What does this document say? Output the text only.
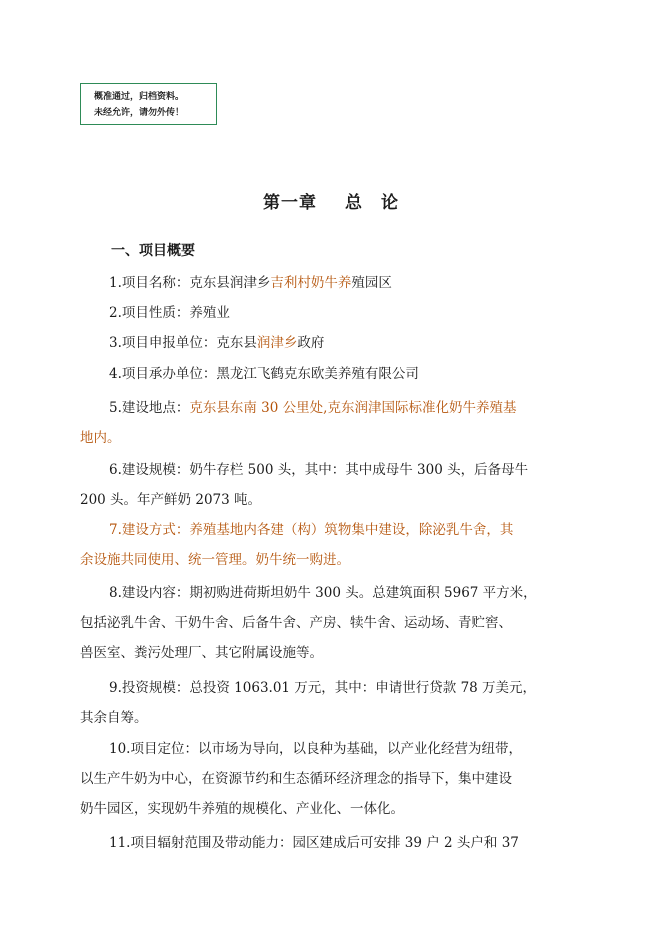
概准通过，归档资料。
未经允许，请勿外传！
第一章 总　论
一、项目概要
1.项目名称：克东县润津乡吉利村奶牛养殖园区
2.项目性质：养殖业
3.项目申报单位：克东县润津乡政府
4.项目承办单位：黑龙江飞鹤克东欧美养殖有限公司
5.建设地点：克东县东南 30 公里处,克东润津国际标准化奶牛养殖基
地内。
6.建设规模：奶牛存栏 500 头，其中：其中成母牛 300 头，后备母牛
200 头。年产鲜奶 2073 吨。
7.建设方式：养殖基地内各建（构）筑物集中建设，除泌乳牛舍，其
余设施共同使用、统一管理。奶牛统一购进。
8.建设内容：期初购进荷斯坦奶牛 300 头。总建筑面积 5967 平方米，
包括泌乳牛舍、干奶牛舍、后备牛舍、产房、犊牛舍、运动场、青贮窖、
兽医室、粪污处理厂、其它附属设施等。
9.投资规模：总投资 1063.01 万元，其中：申请世行贷款 78 万美元，
其余自筹。
10.项目定位：以市场为导向，以良种为基础，以产业化经营为纽带，
以生产牛奶为中心，在资源节约和生态循环经济理念的指导下，集中建设
奶牛园区，实现奶牛养殖的规模化、产业化、一体化。
11.项目辐射范围及带动能力：园区建成后可安排 39 户 2 头户和 37
